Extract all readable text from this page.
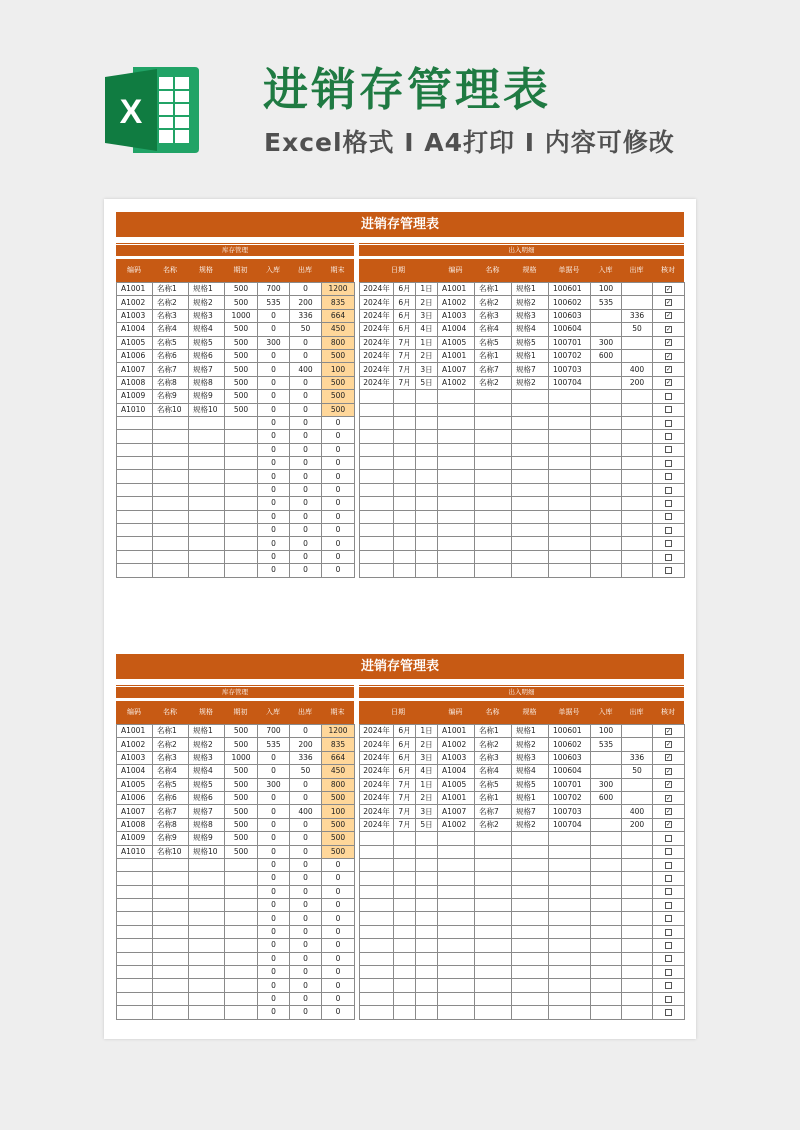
X	进销存管理表
Excel格式 I A4打印 I 内容可修改
进销存管理表
库存管理
编码	名称	规格	期初	入库	出库	期末
A1001	名称1	规格1	500	700	0	1200
A1002	名称2	规格2	500	535	200	835
A1003	名称3	规格3	1000	0	336	664
A1004	名称4	规格4	500	0	50	450
A1005	名称5	规格5	500	300	0	800
A1006	名称6	规格6	500	0	0	500
A1007	名称7	规格7	500	0	400	100
A1008	名称8	规格8	500	0	0	500
A1009	名称9	规格9	500	0	0	500
A1010	名称10	规格10	500	0	0	500
				0	0	0
				0	0	0
				0	0	0
				0	0	0
				0	0	0
				0	0	0
				0	0	0
				0	0	0
				0	0	0
				0	0	0
				0	0	0
				0	0	0
出入明细
日期	编码	名称	规格	单据号	入库	出库	核对
2024年	6月	1日	A1001	名称1	规格1	100601	100		✓
2024年	6月	2日	A1002	名称2	规格2	100602	535		✓
2024年	6月	3日	A1003	名称3	规格3	100603		336	✓
2024年	6月	4日	A1004	名称4	规格4	100604		50	✓
2024年	7月	1日	A1005	名称5	规格5	100701	300		✓
2024年	7月	2日	A1001	名称1	规格1	100702	600		✓
2024年	7月	3日	A1007	名称7	规格7	100703		400	✓
2024年	7月	5日	A1002	名称2	规格2	100704		200	✓

进销存管理表
库存管理
编码	名称	规格	期初	入库	出库	期末
A1001	名称1	规格1	500	700	0	1200
A1002	名称2	规格2	500	535	200	835
A1003	名称3	规格3	1000	0	336	664
A1004	名称4	规格4	500	0	50	450
A1005	名称5	规格5	500	300	0	800
A1006	名称6	规格6	500	0	0	500
A1007	名称7	规格7	500	0	400	100
A1008	名称8	规格8	500	0	0	500
A1009	名称9	规格9	500	0	0	500
A1010	名称10	规格10	500	0	0	500
				0	0	0
				0	0	0
				0	0	0
				0	0	0
				0	0	0
				0	0	0
				0	0	0
				0	0	0
				0	0	0
				0	0	0
				0	0	0
				0	0	0
出入明细
日期	编码	名称	规格	单据号	入库	出库	核对
2024年	6月	1日	A1001	名称1	规格1	100601	100		✓
2024年	6月	2日	A1002	名称2	规格2	100602	535		✓
2024年	6月	3日	A1003	名称3	规格3	100603		336	✓
2024年	6月	4日	A1004	名称4	规格4	100604		50	✓
2024年	7月	1日	A1005	名称5	规格5	100701	300		✓
2024年	7月	2日	A1001	名称1	规格1	100702	600		✓
2024年	7月	3日	A1007	名称7	规格7	100703		400	✓
2024年	7月	5日	A1002	名称2	规格2	100704		200	✓
